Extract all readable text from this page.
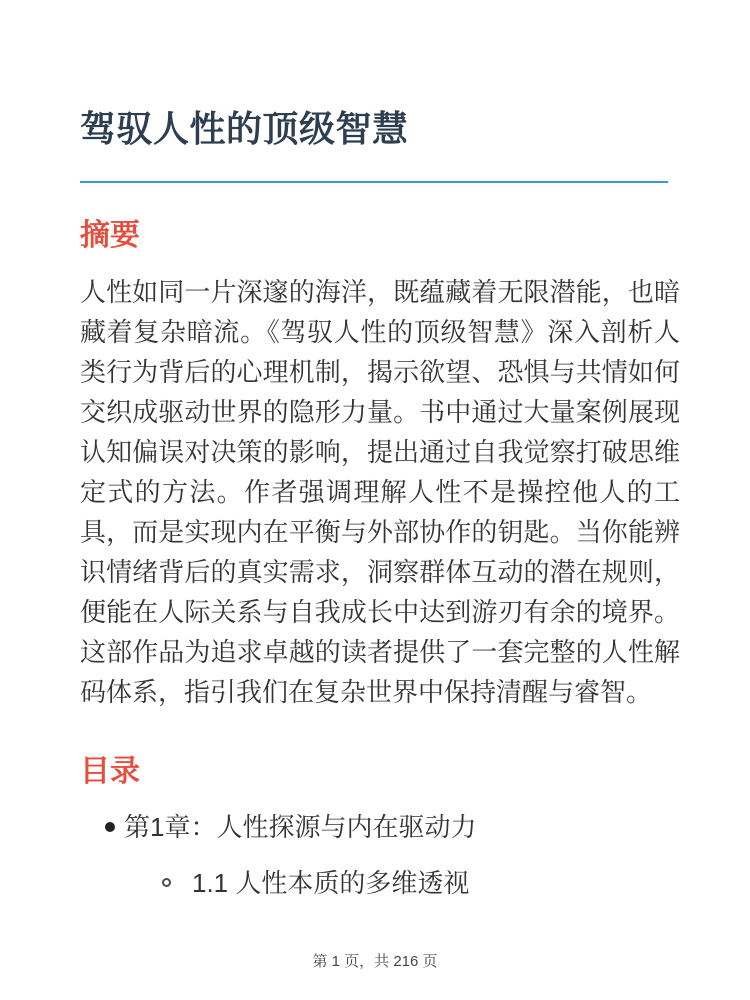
驾驭人性的顶级智慧
摘要

人性如同一片深邃的海洋，既蕴藏着无限潜能，也暗藏着复杂暗流。《驾驭人性的顶级智慧》深入剖析人类行为背后的心理机制，揭示欲望、恐惧与共情如何交织成驱动世界的隐形力量。书中通过大量案例展现认知偏误对决策的影响，提出通过自我觉察打破思维定式的方法。作者强调理解人性不是操控他人的工具，而是实现内在平衡与外部协作的钥匙。当你能辨识情绪背后的真实需求，洞察群体互动的潜在规则，便能在人际关系与自我成长中达到游刃有余的境界。这部作品为追求卓越的读者提供了一套完整的人性解码体系，指引我们在复杂世界中保持清醒与睿智。

目录
第1章：人性探源与内在驱动力
1.1 人性本质的多维透视
第 1 页，共 216 页
